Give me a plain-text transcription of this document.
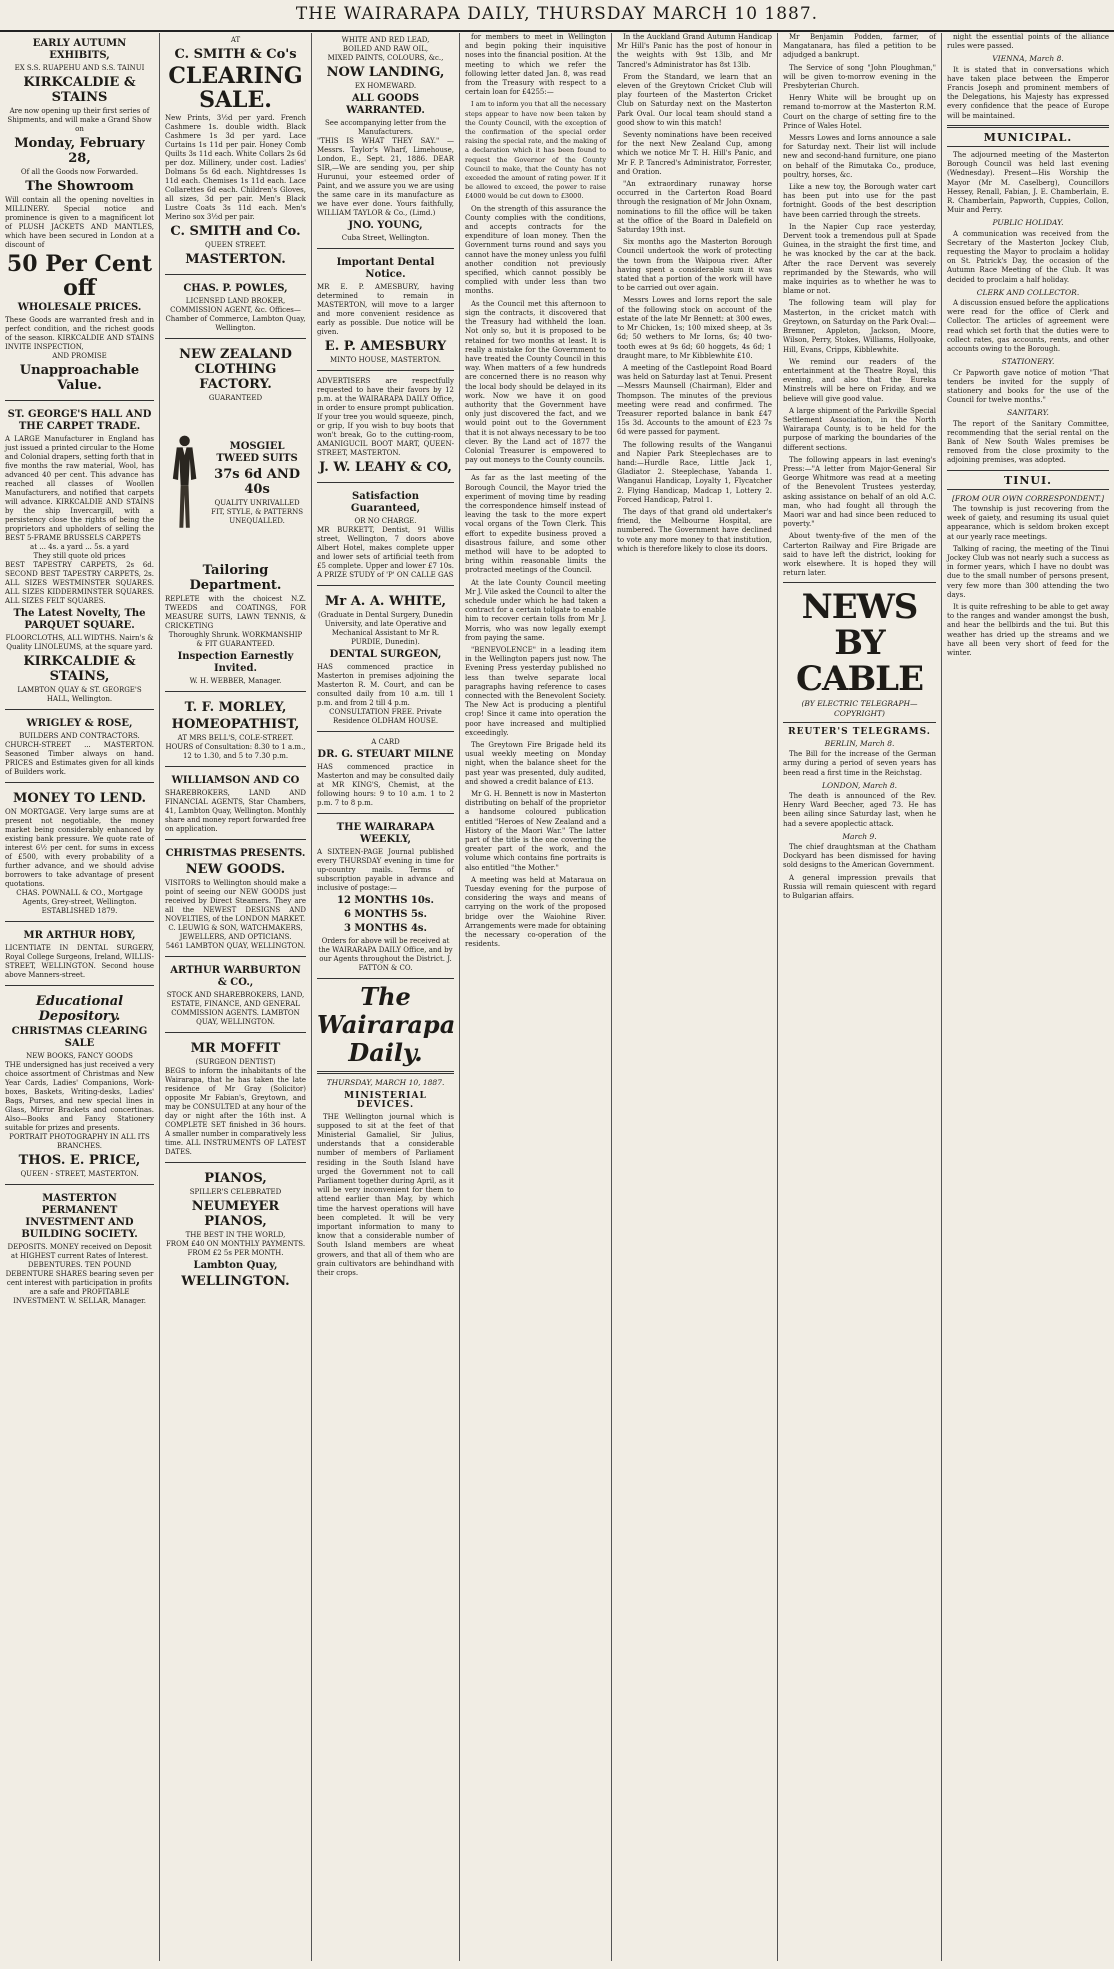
THE WAIRARAPA DAILY, THURSDAY MARCH 10 1887.
EARLY AUTUMN EXHIBITS,
EX S.S. RUAPEHU AND S.S. TAINUI
KIRKCALDIE & STAINS
Are now opening up their first series of Shipments, and will make a Grand Show on
Monday, February 28,
Of all the Goods now Forwarded.
The Showroom
Will contain all the opening novelties in MILLINERY. Special notice and prominence is given to a magnificent lot of PLUSH JACKETS AND MANTLES, which have been secured in London at a discount of
50 Per Cent off
WHOLESALE PRICES.
These Goods are warranted fresh and in perfect condition, and the richest goods of the season. KIRKCALDIE AND STAINS INVITE INSPECTION,
AND PROMISE
Unapproachable Value.
ST. GEORGE'S HALL AND THE CARPET TRADE.
A LARGE Manufacturer in England has just issued a printed circular to the Home and Colonial drapers, setting forth that in five months the raw material, Wool, has advanced 40 per cent. This advance has reached all classes of Woollen Manufacturers, and notified that carpets will advance. KIRKCALDIE AND STAINS by the ship Invercargill, with a persistency close the rights of being the proprietors and upholders of selling the BEST 5-FRAME BRUSSELS CARPETS
at ... 4s. a yard ... 5s. a yard
They still quote old prices
BEST TAPESTRY CARPETS, 2s 6d. SECOND BEST TAPESTRY CARPETS, 2s. ALL SIZES WESTMINSTER SQUARES. ALL SIZES KIDDERMINSTER SQUARES. ALL SIZES FELT SQUARES.
The Latest Novelty, The PARQUET SQUARE.
FLOORCLOTHS, ALL WIDTHS. Nairn's & Quality LINOLEUMS, at the square yard.
KIRKCALDIE & STAINS,
LAMBTON QUAY & ST. GEORGE'S HALL, Wellington.
WRIGLEY & ROSE,
BUILDERS AND CONTRACTORS.
CHURCH-STREET ... MASTERTON. Seasoned Timber always on hand. PRICES and Estimates given for all kinds of Builders work.
MONEY TO LEND.
ON MORTGAGE. Very large sums are at present not negotiable, the money market being considerably enhanced by existing bank pressure. We quote rate of interest 6½ per cent. for sums in excess of £500, with every probability of a further advance, and we should advise borrowers to take advantage of present quotations.
CHAS. POWNALL & CO., Mortgage Agents, Grey-street, Wellington. ESTABLISHED 1879.
MR ARTHUR HOBY,
LICENTIATE IN DENTAL SURGERY, Royal College Surgeons, Ireland, WILLIS-STREET, WELLINGTON. Second house above Manners-street.
Educational Depository.
CHRISTMAS CLEARING SALE
NEW BOOKS, FANCY GOODS
THE undersigned has just received a very choice assortment of Christmas and New Year Cards, Ladies' Companions, Work-boxes, Baskets, Writing-desks, Ladies' Bags, Purses, and new special lines in Glass, Mirror Brackets and concertinas. Also—Books and Fancy Stationery suitable for prizes and presents.
PORTRAIT PHOTOGRAPHY IN ALL ITS BRANCHES.
THOS. E. PRICE,
QUEEN - STREET, MASTERTON.
MASTERTON PERMANENT INVESTMENT AND BUILDING SOCIETY.
DEPOSITS. MONEY received on Deposit at HIGHEST current Rates of Interest.
DEBENTURES. TEN POUND DEBENTURE SHARES bearing seven per cent interest with participation in profits are a safe and PROFITABLE INVESTMENT. W. SELLAR, Manager.
AT
C. SMITH & Co's
CLEARING SALE.
New Prints, 3½d per yard. French Cashmere 1s. double width. Black Cashmere 1s 3d per yard. Lace Curtains 1s 11d per pair. Honey Comb Quilts 3s 11d each. White Collars 2s 6d per doz. Millinery, under cost. Ladies' Dolmans 5s 6d each. Nightdresses 1s 11d each. Chemises 1s 11d each. Lace Collarettes 6d each. Children's Gloves, all sizes, 3d per pair. Men's Black Lustre Coats 3s 11d each. Men's Merino sox 3½d per pair.
C. SMITH and Co.
QUEEN STREET.
MASTERTON.
CHAS. P. POWLES,
LICENSED LAND BROKER, COMMISSION AGENT, &c. Offices—Chamber of Commerce, Lambton Quay, Wellington.
NEW ZEALAND CLOTHING FACTORY.
GUARANTEED
MOSGIEL TWEED SUITS
37s 6d AND 40s
QUALITY UNRIVALLED
FIT, STYLE, & PATTERNS UNEQUALLED.
Tailoring Department.
REPLETE with the choicest N.Z. TWEEDS and COATINGS, FOR MEASURE SUITS, LAWN TENNIS, & CRICKETING
Thoroughly Shrunk. WORKMANSHIP & FIT GUARANTEED.
Inspection Earnestly Invited.
W. H. WEBBER, Manager.
T. F. MORLEY,
HOMEOPATHIST,
AT MRS BELL'S, COLE-STREET.
HOURS of Consultation: 8.30 to 1 a.m., 12 to 1.30, and 5 to 7.30 p.m.
WILLIAMSON AND CO
SHAREBROKERS, LAND AND FINANCIAL AGENTS, Star Chambers, 41, Lambton Quay, Wellington. Monthly share and money report forwarded free on application.
CHRISTMAS PRESENTS.
NEW GOODS.
VISITORS to Wellington should make a point of seeing our NEW GOODS just received by Direct Steamers. They are all the NEWEST DESIGNS AND NOVELTIES, of the LONDON MARKET.
C. LEUWIG & SON, WATCHMAKERS, JEWELLERS, AND OPTICIANS.
5461 LAMBTON QUAY, WELLINGTON.
ARTHUR WARBURTON & CO.,
STOCK AND SHAREBROKERS, LAND, ESTATE, FINANCE, AND GENERAL COMMISSION AGENTS. LAMBTON QUAY, WELLINGTON.
MR MOFFIT
(SURGEON DENTIST)
BEGS to inform the inhabitants of the Wairarapa, that he has taken the late residence of Mr Gray (Solicitor) opposite Mr Fabian's, Greytown, and may be CONSULTED at any hour of the day or night after the 16th inst. A COMPLETE SET finished in 36 hours. A smaller number in comparatively less time. ALL INSTRUMENTS OF LATEST DATES.
PIANOS,
SPILLER'S CELEBRATED
NEUMEYER PIANOS,
THE BEST IN THE WORLD,
FROM £40 ON MONTHLY PAYMENTS.
FROM £2 5s PER MONTH.
Lambton Quay,
WELLINGTON.
WHITE AND RED LEAD,
BOILED AND RAW OIL,
MIXED PAINTS, COLOURS, &c.,
NOW LANDING,
EX HOMEWARD.
ALL GOODS WARRANTED.
See accompanying letter from the Manufacturers.
"THIS IS WHAT THEY SAY." — Messrs. Taylor's Wharf, Limehouse, London, E., Sept. 21, 1886. DEAR SIR,—We are sending you, per ship Hurunui, your esteemed order of Paint, and we assure you we are using the same care in its manufacture as we have ever done. Yours faithfully, WILLIAM TAYLOR & Co., (Limd.)
JNO. YOUNG,
Cuba Street, Wellington.
Important Dental Notice.
MR E. P. AMESBURY, having determined to remain in MASTERTON, will move to a larger and more convenient residence as early as possible. Due notice will be given.
E. P. AMESBURY
MINTO HOUSE, MASTERTON.
ADVERTISERS are respectfully requested to have their favors by 12 p.m. at the WAIRARAPA DAILY Office, in order to ensure prompt publication. If your tree you would squeeze, pinch, or grip, If you wish to buy boots that won't break, Go to the cutting-room, AMANIGUCIL BOOT MART, QUEEN-STREET, MASTERTON.
J. W. LEAHY & CO,
Satisfaction Guaranteed,
OR NO CHARGE.
MR BURKETT, Dentist, 91 Willis street, Wellington, 7 doors above Albert Hotel, makes complete upper and lower sets of artificial teeth from £5 complete. Upper and lower £7 10s. A PRIZE STUDY of 'P' ON CALLE GAS
Mr A. A. WHITE,
(Graduate in Dental Surgery, Dunedin University, and late Operative and Mechanical Assistant to Mr R. PURDIE, Dunedin).
DENTAL SURGEON,
HAS commenced practice in Masterton in premises adjoining the Masterton R. M. Court, and can be consulted daily from 10 a.m. till 1 p.m. and from 2 till 4 p.m.
CONSULTATION FREE. Private Residence OLDHAM HOUSE.
A CARD
DR. G. STEUART MILNE
HAS commenced practice in Masterton and may be consulted daily at MR KING'S, Chemist, at the following hours: 9 to 10 a.m. 1 to 2 p.m. 7 to 8 p.m.
THE WAIRARAPA WEEKLY,
A SIXTEEN-PAGE Journal published every THURSDAY evening in time for up-country mails. Terms of subscription payable in advance and inclusive of postage:—
12 MONTHS 10s.
6 MONTHS 5s.
3 MONTHS 4s.
Orders for above will be received at the WAIRARAPA DAILY Office, and by our Agents throughout the District. J. FATTON & CO.
The Wairarapa Daily.
THURSDAY, MARCH 10, 1887.
MINISTERIAL DEVICES.

THE Wellington journal which is supposed to sit at the feet of that Ministerial Gamaliel, Sir Julius, understands that a considerable number of members of Parliament residing in the South Island have urged the Government not to call Parliament together during April, as it will be very inconvenient for them to attend earlier than May, by which time the harvest operations will have been completed. It will be very important information to many to know that a considerable number of South Island members are wheat growers, and that all of them who are grain cultivators are behindhand with their crops.

for members to meet in Wellington and begin poking their inquisitive noses into the financial position. At the meeting to which we refer the following letter dated Jan. 8, was read from the Treasury with respect to a certain loan for £4255:—

I am to inform you that all the necessary steps appear to have now been taken by the County Council, with the exception of the confirmation of the special order raising the special rate, and the making of a declaration which it has been found to request the Governor of the County Council to make, that the County has not exceeded the amount of rating power. If it be allowed to exceed, the power to raise £4000 would be cut down to £3000.

On the strength of this assurance the County complies with the conditions, and accepts contracts for the expenditure of loan money. Then the Government turns round and says you cannot have the money unless you fulfil another condition not previously specified, which cannot possibly be complied with under less than two months.

As the Council met this afternoon to sign the contracts, it discovered that the Treasury had withheld the loan. Not only so, but it is proposed to be retained for two months at least. It is really a mistake for the Government to have treated the County Council in this way. When matters of a few hundreds are concerned there is no reason why the local body should be delayed in its work. Now we have it on good authority that the Government have only just discovered the fact, and we would point out to the Government that it is not always necessary to be too clever. By the Land act of 1877 the Colonial Treasurer is empowered to pay out moneys to the County councils.

As far as the last meeting of the Borough Council, the Mayor tried the experiment of moving time by reading the correspondence himself instead of leaving the task to the more expert vocal organs of the Town Clerk. This effort to expedite business proved a disastrous failure, and some other method will have to be adopted to bring within reasonable limits the protracted meetings of the Council.

At the late County Council meeting Mr J. Vile asked the Council to alter the schedule under which he had taken a contract for a certain tollgate to enable him to recover certain tolls from Mr J. Morris, who was now legally exempt from paying the same.

"BENEVOLENCE" in a leading item in the Wellington papers just now. The Evening Press yesterday published no less than twelve separate local paragraphs having reference to cases connected with the Benevolent Society. The New Act is producing a plentiful crop! Since it came into operation the poor have increased and multiplied exceedingly.

The Greytown Fire Brigade held its usual weekly meeting on Monday night, when the balance sheet for the past year was presented, duly audited, and showed a credit balance of £13.

Mr G. H. Bennett is now in Masterton distributing on behalf of the proprietor a handsome coloured publication entitled "Heroes of New Zealand and a History of the Maori War." The latter part of the title is the one covering the greater part of the work, and the volume which contains fine portraits is also entitled "the Mother."

A meeting was held at Mataraua on Tuesday evening for the purpose of considering the ways and means of carrying on the work of the proposed bridge over the Waiohine River. Arrangements were made for obtaining the necessary co-operation of the residents.

In the Auckland Grand Autumn Handicap Mr Hill's Panic has the post of honour in the weights with 9st 13lb, and Mr Tancred's Administrator has 8st 13lb.

From the Standard, we learn that an eleven of the Greytown Cricket Club will play fourteen of the Masterton Cricket Club on Saturday next on the Masterton Park Oval. Our local team should stand a good show to win this match!

Seventy nominations have been received for the next New Zealand Cup, among which we notice Mr T. H. Hill's Panic, and Mr F. P. Tancred's Administrator, Forrester, and Oration.

"An extraordinary runaway horse occurred in the Carterton Road Board through the resignation of Mr John Oxnam, nominations to fill the office will be taken at the office of the Board in Dalefield on Saturday 19th inst.

Six months ago the Masterton Borough Council undertook the work of protecting the town from the Waipoua river. After having spent a considerable sum it was stated that a portion of the work will have to be carried out over again.

Messrs Lowes and Iorns report the sale of the following stock on account of the estate of the late Mr Bennett: at 300 ewes, to Mr Chicken, 1s; 100 mixed sheep, at 3s 6d; 50 wethers to Mr Iorns, 6s; 40 two-tooth ewes at 9s 6d; 60 hoggets, 4s 6d; 1 draught mare, to Mr Kibblewhite £10.

A meeting of the Castlepoint Road Board was held on Saturday last at Tenui. Present—Messrs Maunsell (Chairman), Elder and Thompson. The minutes of the previous meeting were read and confirmed. The Treasurer reported balance in bank £47 15s 3d. Accounts to the amount of £23 7s 6d were passed for payment.

The following results of the Wanganui and Napier Park Steeplechases are to hand:—Hurdle Race, Little Jack 1, Gladiator 2. Steeplechase, Yabanda 1. Wanganui Handicap, Loyalty 1, Flycatcher 2. Flying Handicap, Madcap 1, Lottery 2. Forced Handicap, Patrol 1.

The days of that grand old undertaker's friend, the Melbourne Hospital, are numbered. The Government have declined to vote any more money to that institution, which is therefore likely to close its doors.

Mr Benjamin Podden, farmer, of Mangatanara, has filed a petition to be adjudged a bankrupt.

The Service of song "John Ploughman," will be given to-morrow evening in the Presbyterian Church.

Henry White will be brought up on remand to-morrow at the Masterton R.M. Court on the charge of setting fire to the Prince of Wales Hotel.

Messrs Lowes and Iorns announce a sale for Saturday next. Their list will include new and second-hand furniture, one piano on behalf of the Rimutaka Co., produce, poultry, horses, &c.

Like a new toy, the Borough water cart has been put into use for the past fortnight. Goods of the best description have been carried through the streets.

In the Napier Cup race yesterday, Dervent took a tremendous pull at Spade Guinea, in the straight the first time, and he was knocked by the car at the back. After the race Dervent was severely reprimanded by the Stewards, who will make inquiries as to whether he was to blame or not.

The following team will play for Masterton, in the cricket match with Greytown, on Saturday on the Park Oval:—Bremner, Appleton, Jackson, Moore, Wilson, Perry, Stokes, Williams, Hollyoake, Hill, Evans, Cripps, Kibblewhite.

We remind our readers of the entertainment at the Theatre Royal, this evening, and also that the Eureka Minstrels will be here on Friday, and we believe will give good value.

A large shipment of the Parkville Special Settlement Association, in the North Wairarapa County, is to be held for the purpose of marking the boundaries of the different sections.

The following appears in last evening's Press:—"A letter from Major-General Sir George Whitmore was read at a meeting of the Benevolent Trustees yesterday, asking assistance on behalf of an old A.C. man, who had fought all through the Maori war and had since been reduced to poverty."

About twenty-five of the men of the Carterton Railway and Fire Brigade are said to have left the district, looking for work elsewhere. It is hoped they will return later.

NEWS BY CABLE
(BY ELECTRIC TELEGRAPH—COPYRIGHT)
REUTER'S TELEGRAMS.
BERLIN, March 8.

The Bill for the increase of the German army during a period of seven years has been read a first time in the Reichstag.

LONDON, March 8.

The death is announced of the Rev. Henry Ward Beecher, aged 73. He has been ailing since Saturday last, when he had a severe apoplectic attack.

March 9.

The chief draughtsman at the Chatham Dockyard has been dismissed for having sold designs to the American Government.

A general impression prevails that Russia will remain quiescent with regard to Bulgarian affairs.

night the essential points of the alliance rules were passed.

VIENNA, March 8.

It is stated that in conversations which have taken place between the Emperor Francis Joseph and prominent members of the Delegations, his Majesty has expressed every confidence that the peace of Europe will be maintained.

MUNICIPAL.

The adjourned meeting of the Masterton Borough Council was held last evening (Wednesday). Present—His Worship the Mayor (Mr M. Caselberg), Councillors Hessey, Renall, Fabian, J. E. Chamberlain, E. R. Chamberlain, Papworth, Cuppies, Collon, Muir and Perry.

PUBLIC HOLIDAY.

A communication was received from the Secretary of the Masterton Jockey Club, requesting the Mayor to proclaim a holiday on St. Patrick's Day, the occasion of the Autumn Race Meeting of the Club. It was decided to proclaim a half holiday.

CLERK AND COLLECTOR.

A discussion ensued before the applications were read for the office of Clerk and Collector. The articles of agreement were read which set forth that the duties were to collect rates, gas accounts, rents, and other accounts owing to the Borough.

STATIONERY.

Cr Papworth gave notice of motion "That tenders be invited for the supply of stationery and books for the use of the Council for twelve months."

SANITARY.

The report of the Sanitary Committee, recommending that the serial rental on the Bank of New South Wales premises be removed from the close proximity to the adjoining premises, was adopted.

TINUI.
[FROM OUR OWN CORRESPONDENT.]

The township is just recovering from the week of gaiety, and resuming its usual quiet appearance, which is seldom broken except at our yearly race meetings.

Talking of racing, the meeting of the Tinui Jockey Club was not nearly such a success as in former years, which I have no doubt was due to the small number of persons present, very few more than 300 attending the two days.

It is quite refreshing to be able to get away to the ranges and wander amongst the bush, and hear the bellbirds and the tui. But this weather has dried up the streams and we have all been very short of feed for the winter.
